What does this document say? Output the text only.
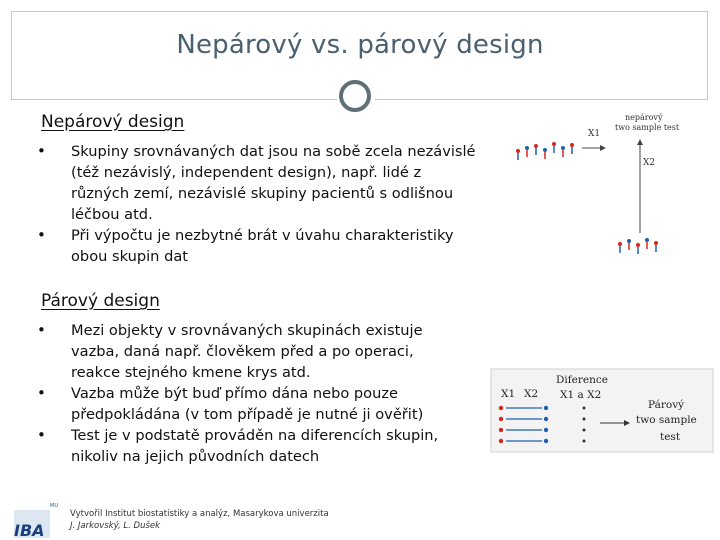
Nepárový vs. párový design
Nepárový design
• Skupiny srovnávaných dat jsou na sobě zcela nezávislé (též nezávislý, independent design), např. lidé z různých zemí, nezávislé skupiny pacientů s odlišnou léčbou atd.
• Při výpočtu je nezbytné brát v úvahu charakteristiky obou skupin dat
X1
X2
nepárový
two sample test
Párový design
• Mezi objekty v srovnávaných skupinách existuje vazba, daná např. člověkem před a po operaci, reakce stejného kmene krys atd.
• Vazba může být buď přímo dána nebo pouze předpokládána (v tom případě je nutné ji ověřit)
• Test je v podstatě prováděn na diferencích skupin, nikoliv na jejich původních datech
X1 X2
Diference
X1 a X2
Párový
two sample
test
MU
IBA
Vytvořil Institut biostatistiky a analýz, Masarykova univerzita
J. Jarkovský, L. Dušek
